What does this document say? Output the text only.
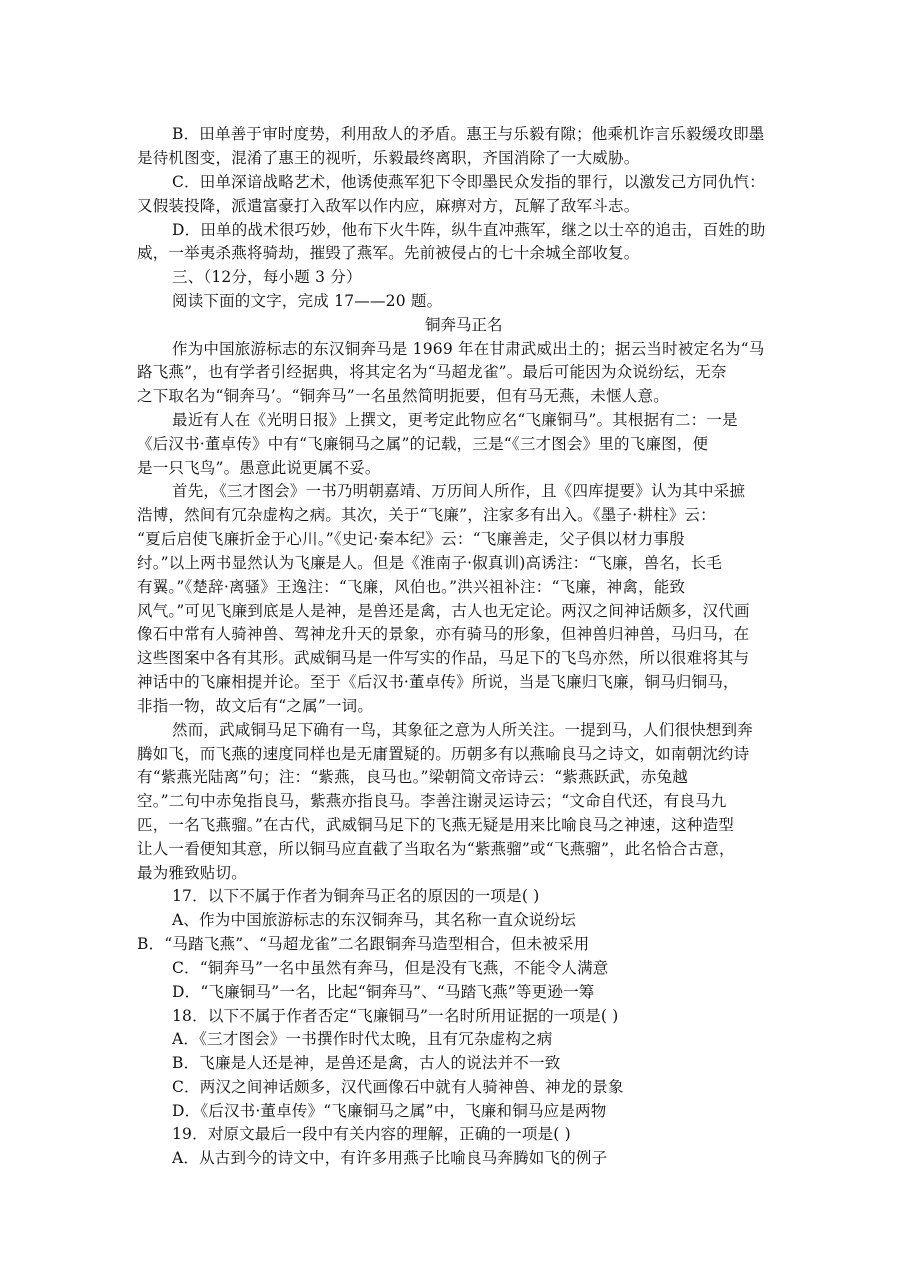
B．田单善于审时度势，利用敌人的矛盾。惠王与乐毅有隙；他乘机诈言乐毅缓攻即墨
是待机图变，混淆了惠王的视听，乐毅最终离职，齐国消除了一大威胁。
C．田单深谙战略艺术，他诱使燕军犯下令即墨民众发指的罪行，以激发己方同仇忾：
又假装投降，派遣富豪打入敌军以作内应，麻痹对方，瓦解了敌军斗志。
D．田单的战术很巧妙，他布下火牛阵，纵牛直冲燕军，继之以士卒的追击，百姓的助
威，一举夷杀燕将骑劫，摧毁了燕军。先前被侵占的七十余城全部收复。
三、（12分，每小题 3 分）
阅读下面的文字，完成 17——20 题。
铜奔马正名
作为中国旅游标志的东汉铜奔马是 1969 年在甘肃武威出土的；据云当时被定名为“马
路飞燕”，也有学者引经据典，将其定名为“马超龙雀”。最后可能因为众说纷纭，无奈
之下取名为“铜奔马’。“铜奔马”一名虽然简明扼要，但有马无燕，未惬人意。
最近有人在《光明日报》上撰文，更考定此物应名“飞廉铜马”。其根据有二：一是
《后汉书·董卓传》中有“飞廉铜马之属”的记载，三是“《三才图会》里的飞廉图，便
是一只飞鸟”。愚意此说更属不妥。
首先，《三才图会》一书乃明朝嘉靖、万历间人所作，且《四库提要》认为其中采摭
浩博，然间有冗杂虚构之病。其次，关于“飞廉”，注家多有出入。《墨子·耕柱》云：
“夏后启使飞廉折金于心川。”《史记·秦本纪》云：“飞廉善走，父子俱以材力事殷
纣。”以上两书显然认为飞廉是人。但是《淮南子·俶真训)高诱注：“飞廉，兽名，长毛
有翼。”《楚辞·离骚》王逸注：“飞廉，风伯也。”洪兴祖补注：“飞廉，神禽，能致
风气。”可见飞廉到底是人是神，是兽还是禽，古人也无定论。两汉之间神话颇多，汉代画
像石中常有人骑神兽、驾神龙升天的景象，亦有骑马的形象，但神兽归神兽，马归马，在
这些图案中各有其形。武威铜马是一件写实的作品，马足下的飞鸟亦然，所以很难将其与
神话中的飞廉相提并论。至于《后汉书·董卓传》所说，当是飞廉归飞廉，铜马归铜马，
非指一物，故文后有“之属”一词。
然而，武咸铜马足下确有一鸟，其象征之意为人所关注。一提到马，人们很快想到奔
腾如飞，而飞燕的速度同样也是无庸置疑的。历朝多有以燕喻良马之诗文，如南朝沈约诗
有“紫燕光陆离”句；注：“紫燕，良马也。”梁朝简文帝诗云：“紫燕跃武，赤兔越
空。”二句中赤兔指良马，紫燕亦指良马。李善注谢灵运诗云；“文命自代还，有良马九
匹，一名飞燕骝。”在古代，武威铜马足下的飞燕无疑是用来比喻良马之神速，这种造型
让人一看便知其意，所以铜马应直截了当取名为“紫燕骝”或“飞燕骝”，此名恰合古意，
最为雅致贴切。
17．以下不属于作者为铜奔马正名的原因的一项是( )
A、作为中国旅游标志的东汉铜奔马，其名称一直众说纷坛
B．“马踏飞燕”、“马超龙雀”二名跟铜奔马造型相合，但未被采用
C．“铜奔马”一名中虽然有奔马，但是没有飞燕，不能令人满意
D．“飞廉铜马”一名，比起“铜奔马”、“马踏飞燕”等更逊一筹
18．以下不属于作者否定“飞廉铜马”一名时所用证据的一项是( )
A．《三才图会》一书撰作时代太晚，且有冗杂虚构之病
B．飞廉是人还是神，是兽还是禽，古人的说法并不一致
C．两汉之间神话颇多，汉代画像石中就有人骑神兽、神龙的景象
D．《后汉书·董卓传》“飞廉铜马之属”中，飞廉和铜马应是两物
19．对原文最后一段中有关内容的理解，正确的一项是( )
A．从古到今的诗文中，有许多用燕子比喻良马奔腾如飞的例子
